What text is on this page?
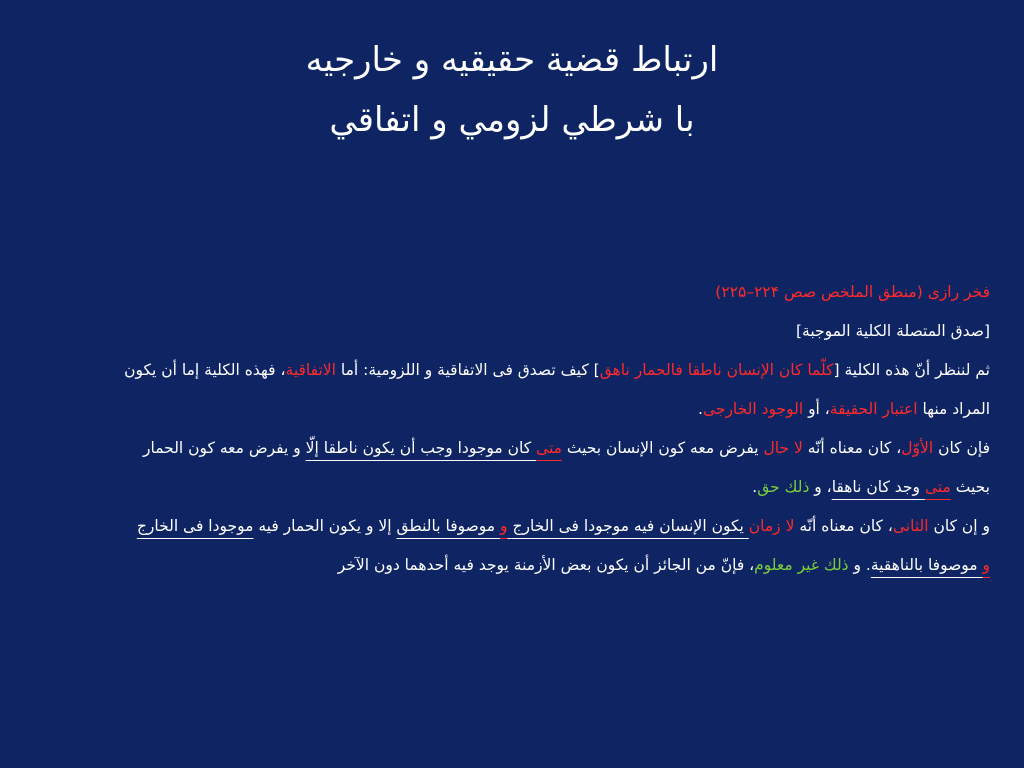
ارتباط قضية حقيقيه و خارجيه
با شرطي لزومي و اتفاقي
فخر رازی (منطق الملخص صص ۲۲۴–۲۲۵)
[صدق المتصلة الكلية الموجبة]
ثم لننظر أنّ هذه الكلية [كلّما كان الإنسان ناطقا فالحمار ناهق] كيف تصدق فى الاتفاقية و اللزومية: أما الاتفاقية، فهذه الكلية إما أن يكون
المراد منها اعتبار الحقيقة، أو الوجود الخارجى.
فإن كان الأوّل، كان معناه أنّه لا حال يفرض معه كون الإنسان بحيث متى كان موجودا وجب أن يكون ناطقا إلّا و يفرض معه كون الحمار
بحيث متى وجد كان ناهقا، و ذلك حق.
و إن كان الثانى، كان معناه أنّه لا زمان يكون الإنسان فيه موجودا فى الخارج و موصوفا بالنطق إلا و يكون الحمار فيه موجودا فى الخارج
و موصوفا بالناهقية. و ذلك غير معلوم، فإنّ من الجائز أن يكون بعض الأزمنة يوجد فيه أحدهما دون الآخر
